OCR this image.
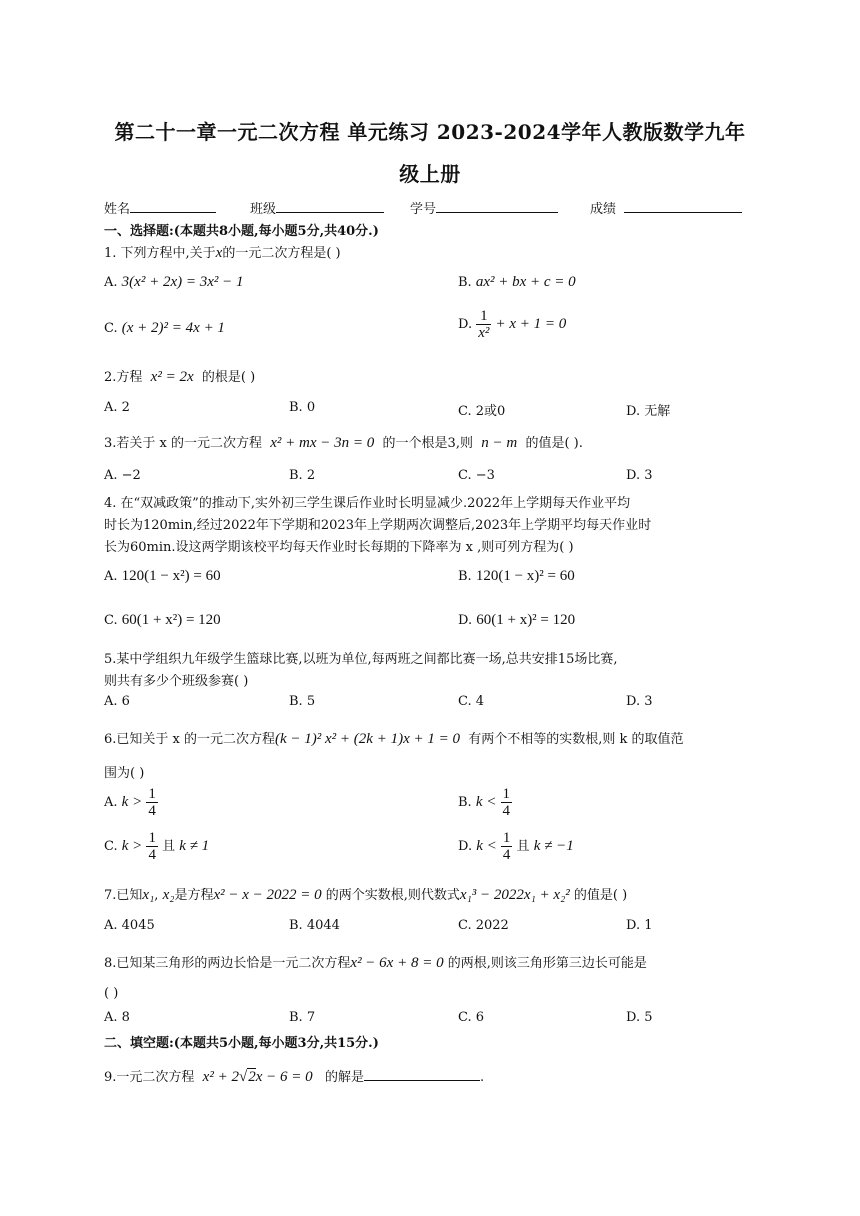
第二十一章一元二次方程 单元练习 2023-2024学年人教版数学九年
级上册
姓名	班级	学号	成绩
一、选择题:(本题共8小题,每小题5分,共40分.)
1. 下列方程中,关于x的一元二次方程是( )
A. 3(x² + 2x) = 3x² − 1	B. ax² + bx + c = 0
C. (x + 2)² = 4x + 1	D. $\frac{1}{\text{x²}} + x + 1 = 0$
2.方程 x² = 2x 的根是( )
A. 2	B. 0	C. 2或0	D. 无解
3.若关于 x 的一元二次方程 x² + mx − 3n = 0 的一个根是3,则 n − m 的值是( ).
A. −2	B. 2	C. −3	D. 3
4. 在“双减政策”的推动下,实外初三学生课后作业时长明显减少.2022年上学期每天作业平均
时长为120min,经过2022年下学期和2023年上学期两次调整后,2023年上学期平均每天作业时
长为60min.设这两学期该校平均每天作业时长每期的下降率为 x ,则可列方程为( )
A. 120(1 − x²) = 60	B. 120(1 − x)² = 60
C. 60(1 + x²) = 120	D. 60(1 + x)² = 120
5.某中学组织九年级学生篮球比赛,以班为单位,每两班之间都比赛一场,总共安排15场比赛,
则共有多少个班级参赛( )
A. 6	B. 5	C. 4	D. 3
6.已知关于 x 的一元二次方程(k − 1)² x² + (2k + 1)x + 1 = 0 有两个不相等的实数根,则 k 的取值范
围为( )
A. $k > \frac{1}{4}$	B. $k < \frac{1}{4}$
C. $k > \frac{1}{4}$ 且 k ≠ 1	D. $k < \frac{1}{4}$ 且 k ≠ −1
7.已知x₁, x₂是方程x² − x − 2022 = 0 的两个实数根,则代数式x₁³ − 2022x₁ + x₂² 的值是( )
A. 4045	B. 4044	C. 2022	D. 1
8.已知某三角形的两边长恰是一元二次方程x² − 6x + 8 = 0 的两根,则该三角形第三边长可能是
( )
A. 8	B. 7	C. 6	D. 5
二、填空题:(本题共5小题,每小题3分,共15分.)
9.一元二次方程 x² + 2√2x − 6 = 0 的解是	.
